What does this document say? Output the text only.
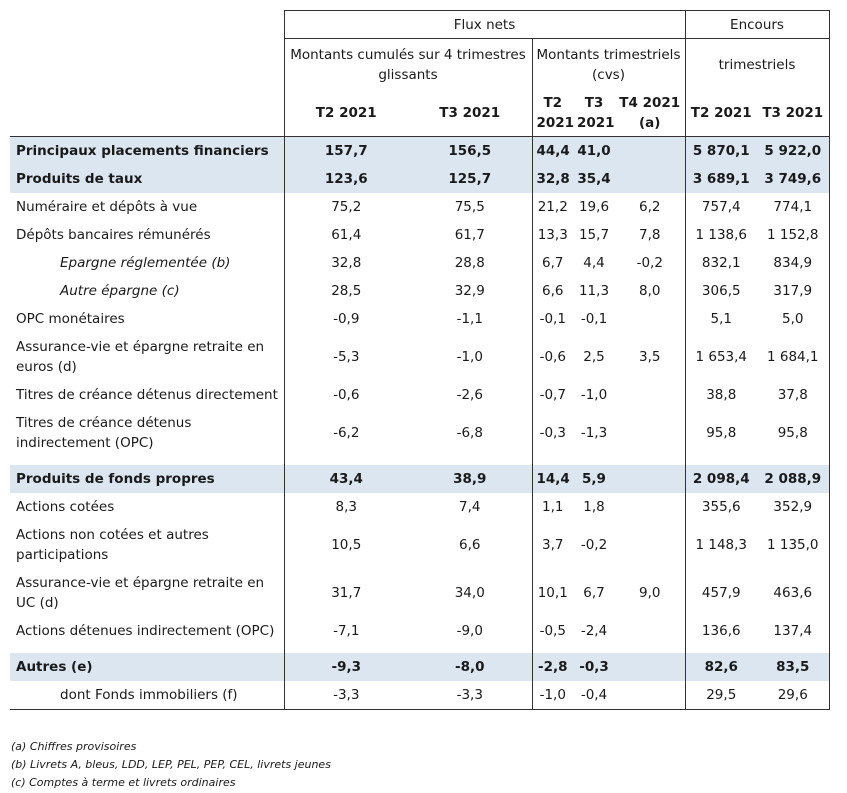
	Flux nets					Encours	
	Montants cumulés sur 4 trimestres glissants		Montants trimestriels (cvs)			trimestriels	
	T2 2021	T3 2021	T2 2021	T3 2021	T4 2021 (a)	T2 2021	T3 2021
Principaux placements financiers	157,7	156,5	44,4	41,0		5 870,1	5 922,0
Produits de taux	123,6	125,7	32,8	35,4		3 689,1	3 749,6
Numéraire et dépôts à vue	75,2	75,5	21,2	19,6	6,2	757,4	774,1
Dépôts bancaires rémunérés	61,4	61,7	13,3	15,7	7,8	1 138,6	1 152,8
Epargne réglementée (b)	32,8	28,8	6,7	4,4	-0,2	832,1	834,9
Autre épargne (c)	28,5	32,9	6,6	11,3	8,0	306,5	317,9
OPC monétaires	-0,9	-1,1	-0,1	-0,1		5,1	5,0
Assurance-vie et épargne retraite en euros (d)	-5,3	-1,0	-0,6	2,5	3,5	1 653,4	1 684,1
Titres de créance détenus directement	-0,6	-2,6	-0,7	-1,0		38,8	37,8
Titres de créance détenus indirectement (OPC)	-6,2	-6,8	-0,3	-1,3		95,8	95,8

Produits de fonds propres	43,4	38,9	14,4	5,9		2 098,4	2 088,9
Actions cotées	8,3	7,4	1,1	1,8		355,6	352,9
Actions non cotées et autres participations	10,5	6,6	3,7	-0,2		1 148,3	1 135,0
Assurance-vie et épargne retraite en UC (d)	31,7	34,0	10,1	6,7	9,0	457,9	463,6
Actions détenues indirectement (OPC)	-7,1	-9,0	-0,5	-2,4		136,6	137,4

Autres (e)	-9,3	-8,0	-2,8	-0,3		82,6	83,5
dont Fonds immobiliers (f)	-3,3	-3,3	-1,0	-0,4		29,5	29,6
(a) Chiffres provisoires
(b) Livrets A, bleus, LDD, LEP, PEL, PEP, CEL, livrets jeunes
(c) Comptes à terme et livrets ordinaires
